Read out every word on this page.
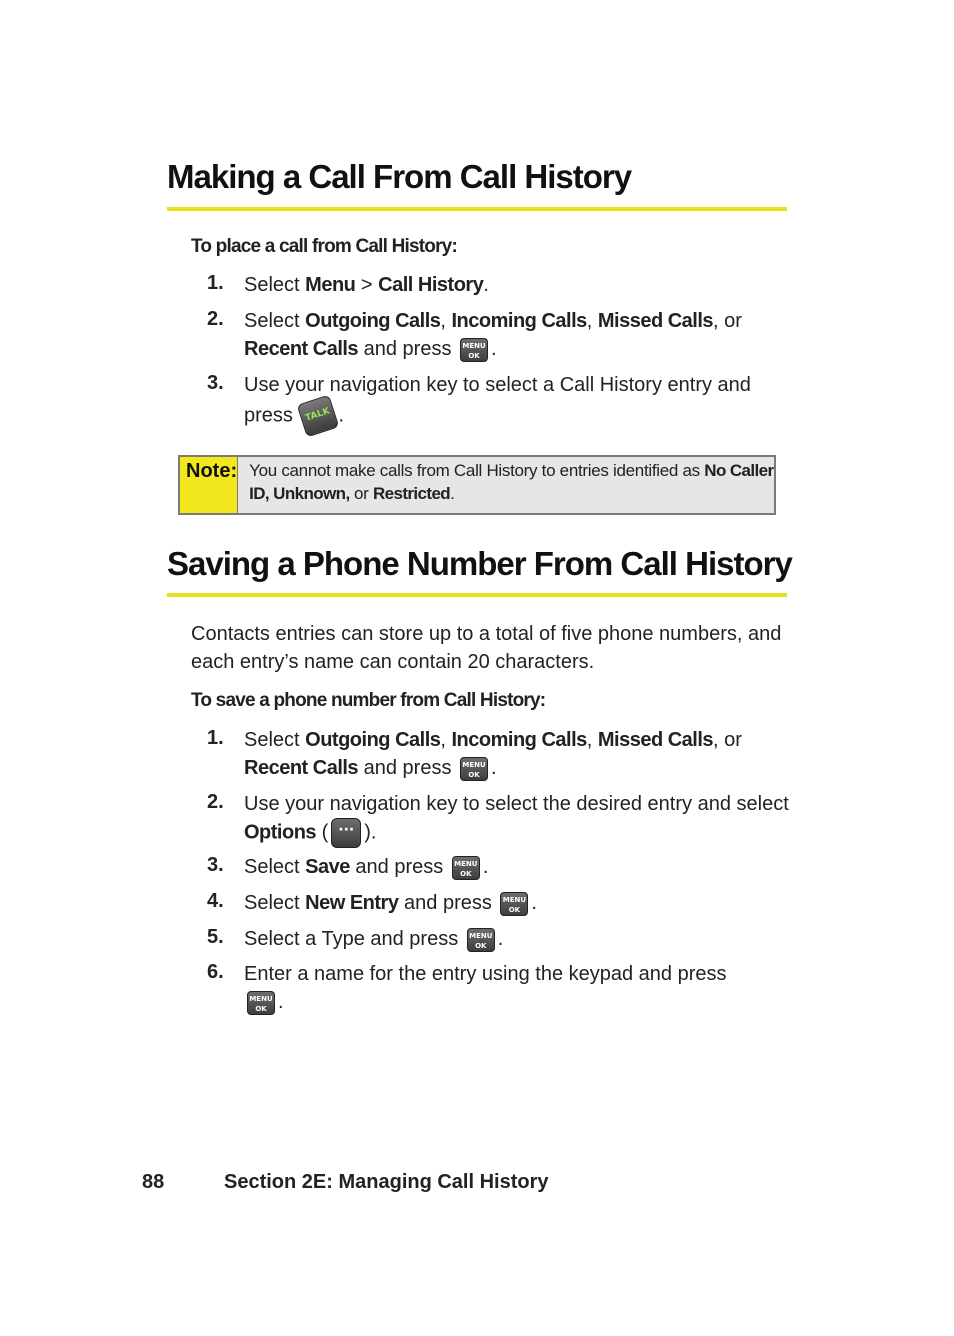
Making a Call From Call History
To place a call from Call History:
1.	Select Menu > Call History.
2.	Select Outgoing Calls, Incoming Calls, Missed Calls, or
Recent Calls and press MENU
OK .
3.	Use your navigation key to select a Call History entry and press TALK .
Note: You cannot make calls from Call History to entries identified as No Caller ID, Unknown, or Restricted.
Saving a Phone Number From Call History
Contacts entries can store up to a total of five phone numbers, and each entry’s name can contain 20 characters.
To save a phone number from Call History:
1.	Select Outgoing Calls, Incoming Calls, Missed Calls, or
Recent Calls and press MENU
OK .
2.	Use your navigation key to select the desired entry and select Options ( ··· ).
3.	Select Save and press MENU
OK .
4.	Select New Entry and press MENU
OK .
5.	Select a Type and press MENU
OK .
6.	Enter a name for the entry using the keypad and press MENU
OK .
88	Section 2E: Managing Call History
